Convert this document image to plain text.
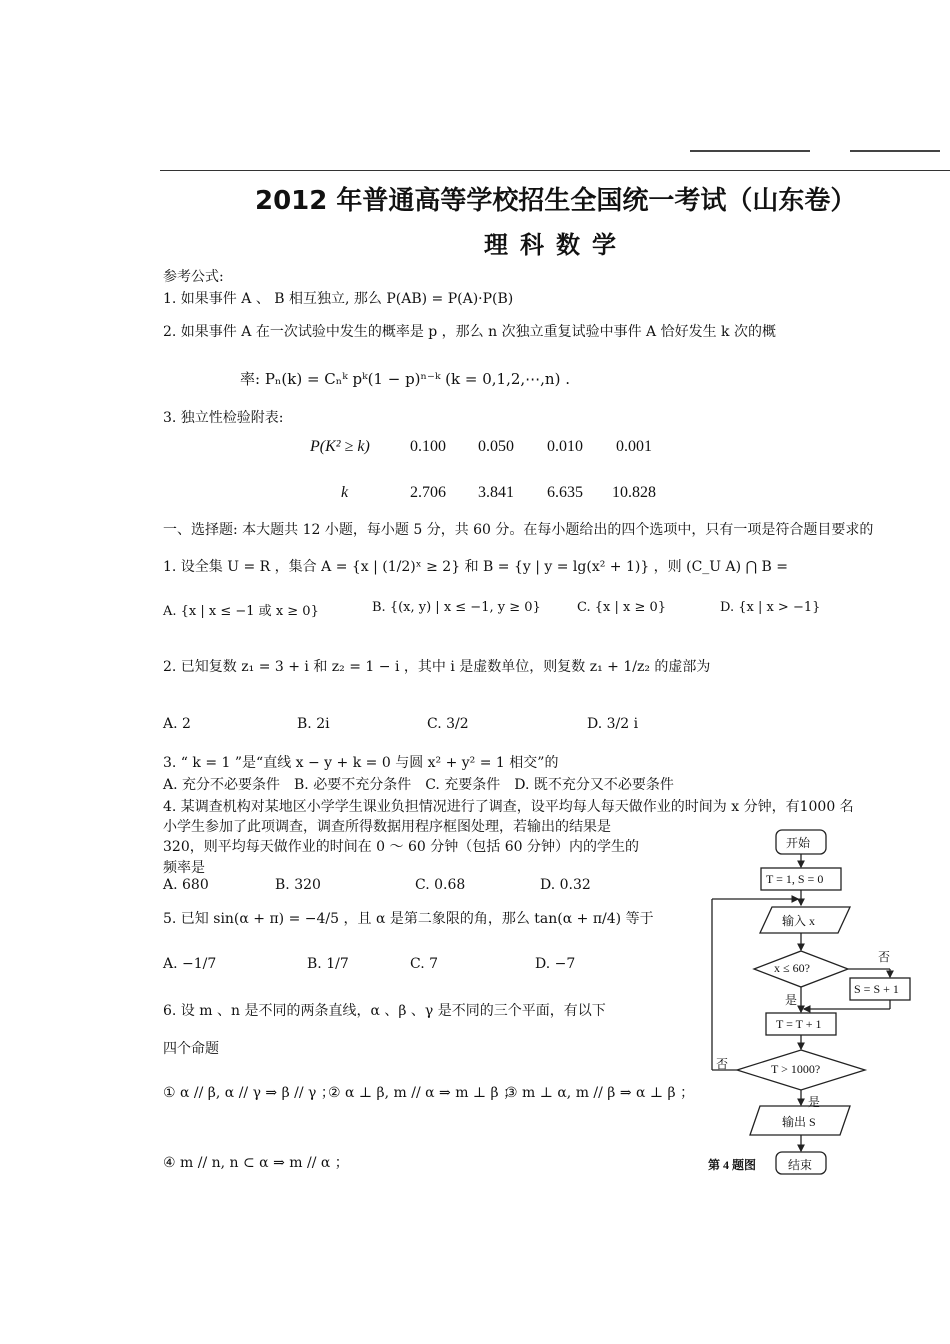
2012 年普通高等学校招生全国统一考试（山东卷）
理科数学
参考公式:
1. 如果事件 A 、 B 相互独立, 那么 P(AB) = P(A)·P(B)
2. 如果事件 A 在一次试验中发生的概率是 p ，那么 n 次独立重复试验中事件 A 恰好发生 k 次的概
率: Pₙ(k) = Cₙᵏ pᵏ(1 − p)ⁿ⁻ᵏ (k = 0,1,2,⋯,n) .
3. 独立性检验附表:
P(K² ≥ k)	0.100 0.050 0.010 0.001
k	2.706 3.841 6.635 10.828
一、选择题: 本大题共 12 小题，每小题 5 分，共 60 分。在每小题给出的四个选项中，只有一项是符合题目要求的
1. 设全集 U = R ，集合 A = {x | (1/2)ˣ ≥ 2} 和 B = {y | y = lg(x² + 1)} ，则 (C_U A) ⋂ B =
A. {x | x ≤ −1 或 x ≥ 0}	B. {(x, y) | x ≤ −1, y ≥ 0}	C. {x | x ≥ 0}	D. {x | x > −1}
2. 已知复数 z₁ = 3 + i 和 z₂ = 1 − i ，其中 i 是虚数单位，则复数 z₁ + 1/z₂ 的虚部为
A. 2	B. 2i	C. 3/2	D. 3/2 i
3. “ k = 1 ”是“直线 x − y + k = 0 与圆 x² + y² = 1 相交”的
A. 充分不必要条件　B. 必要不充分条件　C. 充要条件　D. 既不充分又不必要条件
4. 某调查机构对某地区小学学生课业负担情况进行了调查，设平均每人每天做作业的时间为 x 分钟，有1000 名
小学生参加了此项调查，调查所得数据用程序框图处理，若输出的结果是
320，则平均每天做作业的时间在 0 ～ 60 分钟（包括 60 分钟）内的学生的
频率是
A. 680	B. 320	C. 0.68	D. 0.32
5. 已知 sin(α + π) = −4/5 ，且 α 是第二象限的角，那么 tan(α + π/4) 等于
A. −1/7	B. 1/7	C. 7	D. −7
6. 设 m 、n 是不同的两条直线，α 、β 、γ 是不同的三个平面，有以下
四个命题
① α // β, α // γ ⇒ β // γ ；
② α ⊥ β, m // α ⇒ m ⊥ β ；
③ m ⊥ α, m // β ⇒ α ⊥ β ；
④ m // n, n ⊂ α ⇒ m // α ；
开始
T = 1, S = 0
输入 x
x ≤ 60?
否
S = S + 1
是
T = T + 1
否	T > 1000?
是
输出 S
结束
第 4 题图
